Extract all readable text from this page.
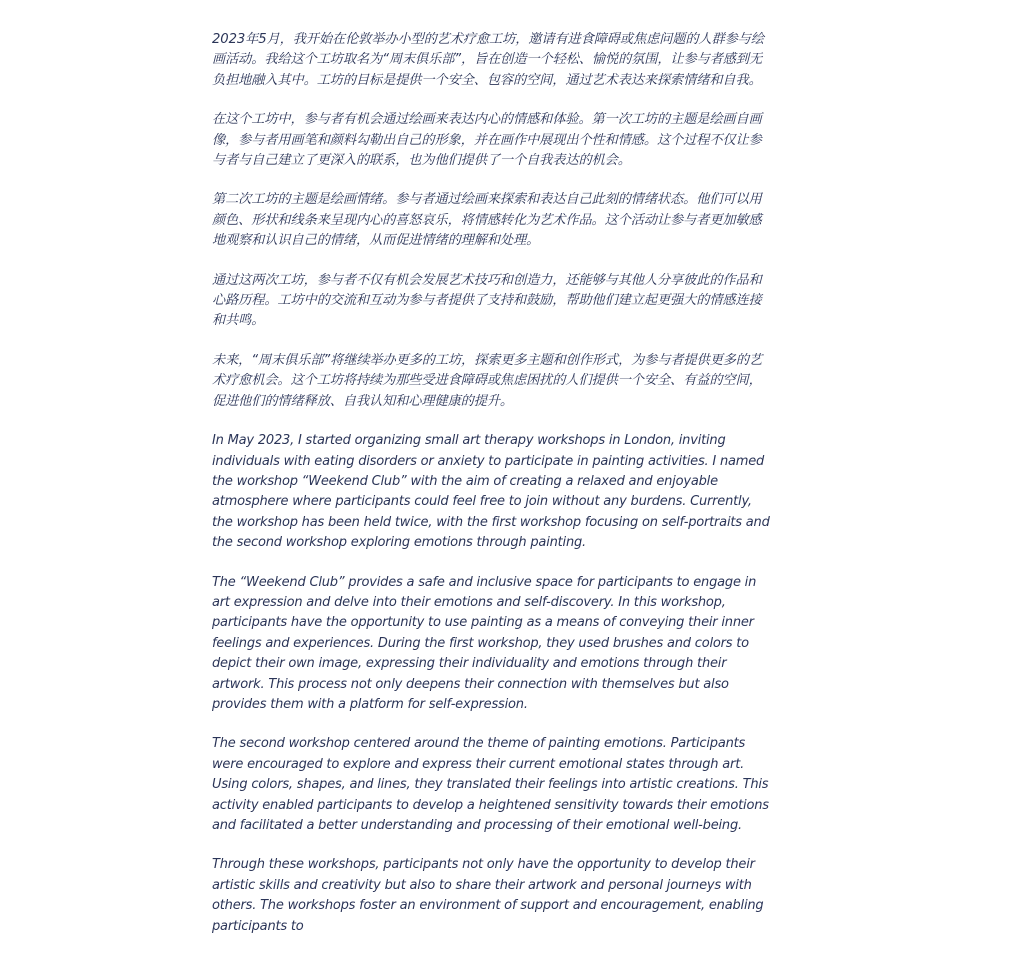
2023年5月，我开始在伦敦举办小型的艺术疗愈工坊，邀请有进食障碍或焦虑问题的人群参与绘画活动。我给这个工坊取名为“周末俱乐部”，旨在创造一个轻松、愉悦的氛围，让参与者感到无负担地融入其中。工坊的目标是提供一个安全、包容的空间，通过艺术表达来探索情绪和自我。

在这个工坊中，参与者有机会通过绘画来表达内心的情感和体验。第一次工坊的主题是绘画自画像，参与者用画笔和颜料勾勒出自己的形象，并在画作中展现出个性和情感。这个过程不仅让参与者与自己建立了更深入的联系，也为他们提供了一个自我表达的机会。

第二次工坊的主题是绘画情绪。参与者通过绘画来探索和表达自己此刻的情绪状态。他们可以用颜色、形状和线条来呈现内心的喜怒哀乐，将情感转化为艺术作品。这个活动让参与者更加敏感地观察和认识自己的情绪，从而促进情绪的理解和处理。

通过这两次工坊，参与者不仅有机会发展艺术技巧和创造力，还能够与其他人分享彼此的作品和心路历程。工坊中的交流和互动为参与者提供了支持和鼓励，帮助他们建立起更强大的情感连接和共鸣。

未来，“周末俱乐部”将继续举办更多的工坊，探索更多主题和创作形式，为参与者提供更多的艺术疗愈机会。这个工坊将持续为那些受进食障碍或焦虑困扰的人们提供一个安全、有益的空间，促进他们的情绪释放、自我认知和心理健康的提升。

In May 2023, I started organizing small art therapy workshops in London, inviting individuals with eating disorders or anxiety to participate in painting activities. I named the workshop “Weekend Club” with the aim of creating a relaxed and enjoyable atmosphere where participants could feel free to join without any burdens. Currently, the workshop has been held twice, with the first workshop focusing on self-portraits and the second workshop exploring emotions through painting.

The “Weekend Club” provides a safe and inclusive space for participants to engage in art expression and delve into their emotions and self-discovery. In this workshop, participants have the opportunity to use painting as a means of conveying their inner feelings and experiences. During the first workshop, they used brushes and colors to depict their own image, expressing their individuality and emotions through their artwork. This process not only deepens their connection with themselves but also provides them with a platform for self-expression.

The second workshop centered around the theme of painting emotions. Participants were encouraged to explore and express their current emotional states through art. Using colors, shapes, and lines, they translated their feelings into artistic creations. This activity enabled participants to develop a heightened sensitivity towards their emotions and facilitated a better understanding and processing of their emotional well-being.

Through these workshops, participants not only have the opportunity to develop their artistic skills and creativity but also to share their artwork and personal journeys with others. The workshops foster an environment of support and encouragement, enabling participants to
